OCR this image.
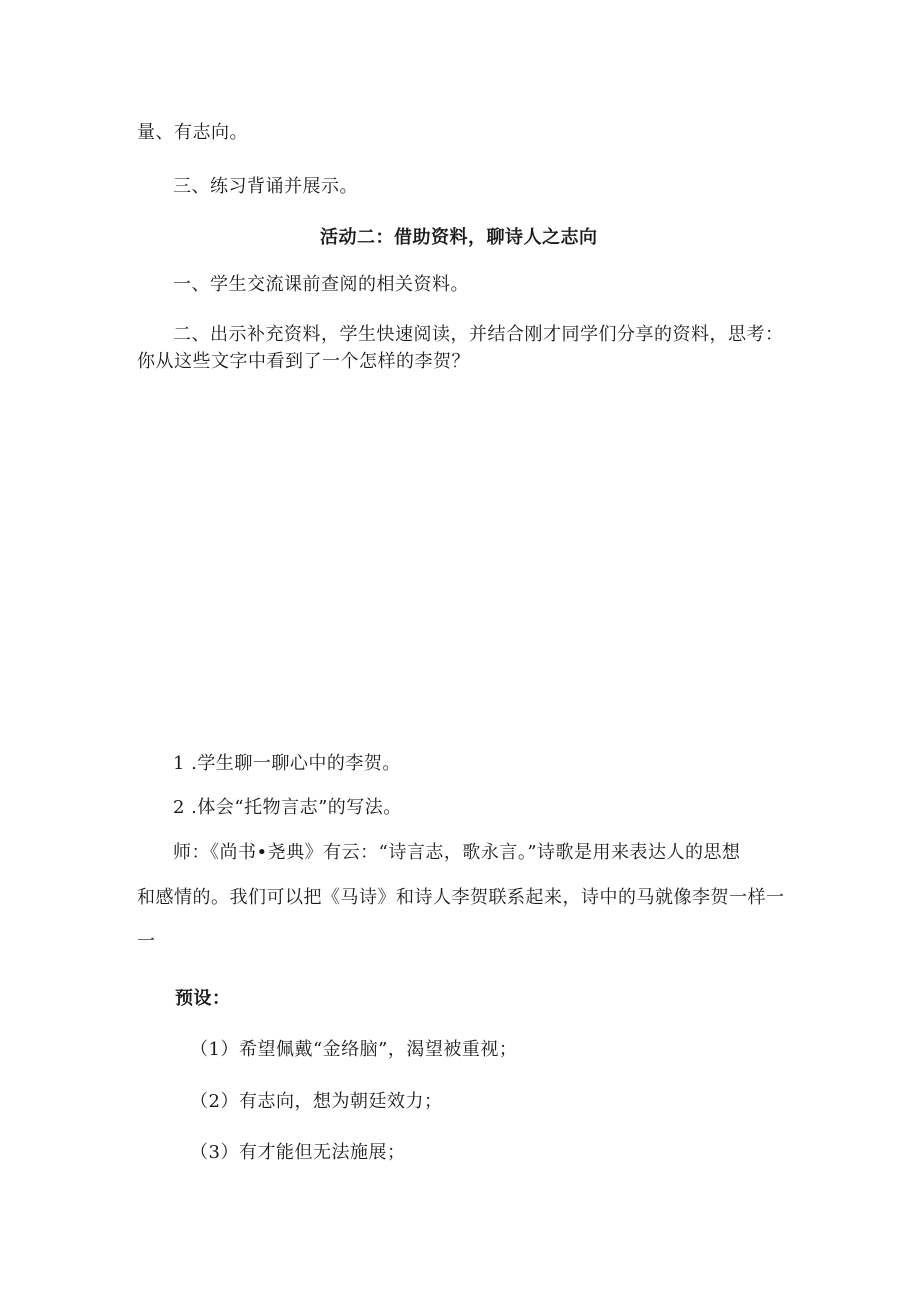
量、有志向。
三、练习背诵并展示。
活动二：借助资料，聊诗人之志向
一、学生交流课前查阅的相关资料。
二、出示补充资料，学生快速阅读，并结合刚才同学们分享的资料，思考：
你从这些文字中看到了一个怎样的李贺？
1 .学生聊一聊心中的李贺。
2 .体会“托物言志”的写法。
师：《尚书•尧典》有云：“诗言志，歌永言。”诗歌是用来表达人的思想
和感情的。我们可以把《马诗》和诗人李贺联系起来，诗中的马就像李贺一样一
一
预设：
（1）希望佩戴“金络脑”，渴望被重视；
（2）有志向，想为朝廷效力；
（3）有才能但无法施展；
